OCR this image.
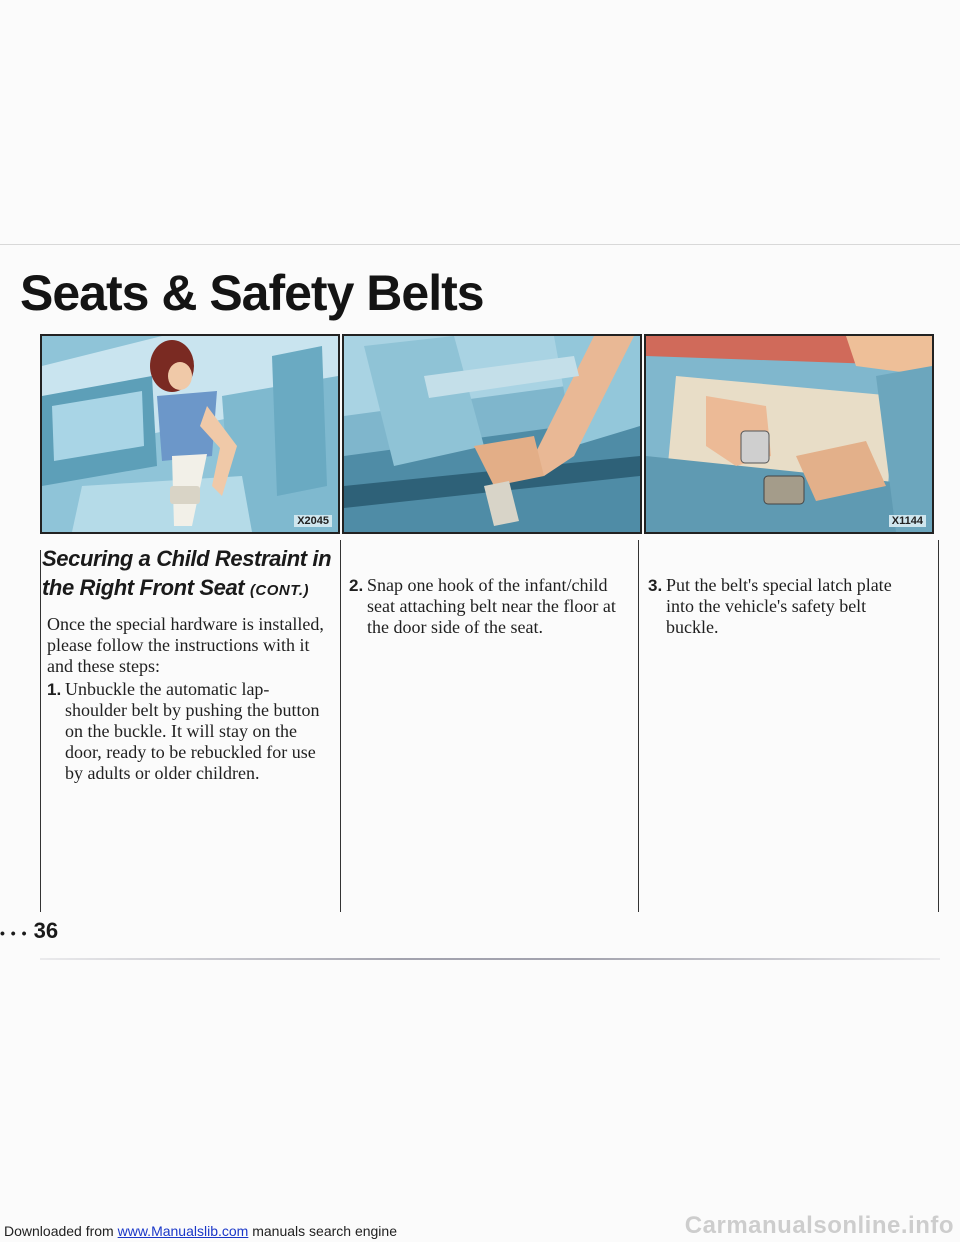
Seats & Safety Belts
X2045	X1144
Securing a Child Restraint in the Right Front Seat (CONT.)
Once the special hardware is installed, please follow the instructions with it and these steps:
1. Unbuckle the automatic lap-shoulder belt by pushing the button on the buckle. It will stay on the door, ready to be rebuckled for use by adults or older children.
2. Snap one hook of the infant/child seat attaching belt near the floor at the door side of the seat.
3. Put the belt's special latch plate into the vehicle's safety belt buckle.
• • • 36
Downloaded from www.Manualslib.com manuals search engine	Carmanualsonline.info
